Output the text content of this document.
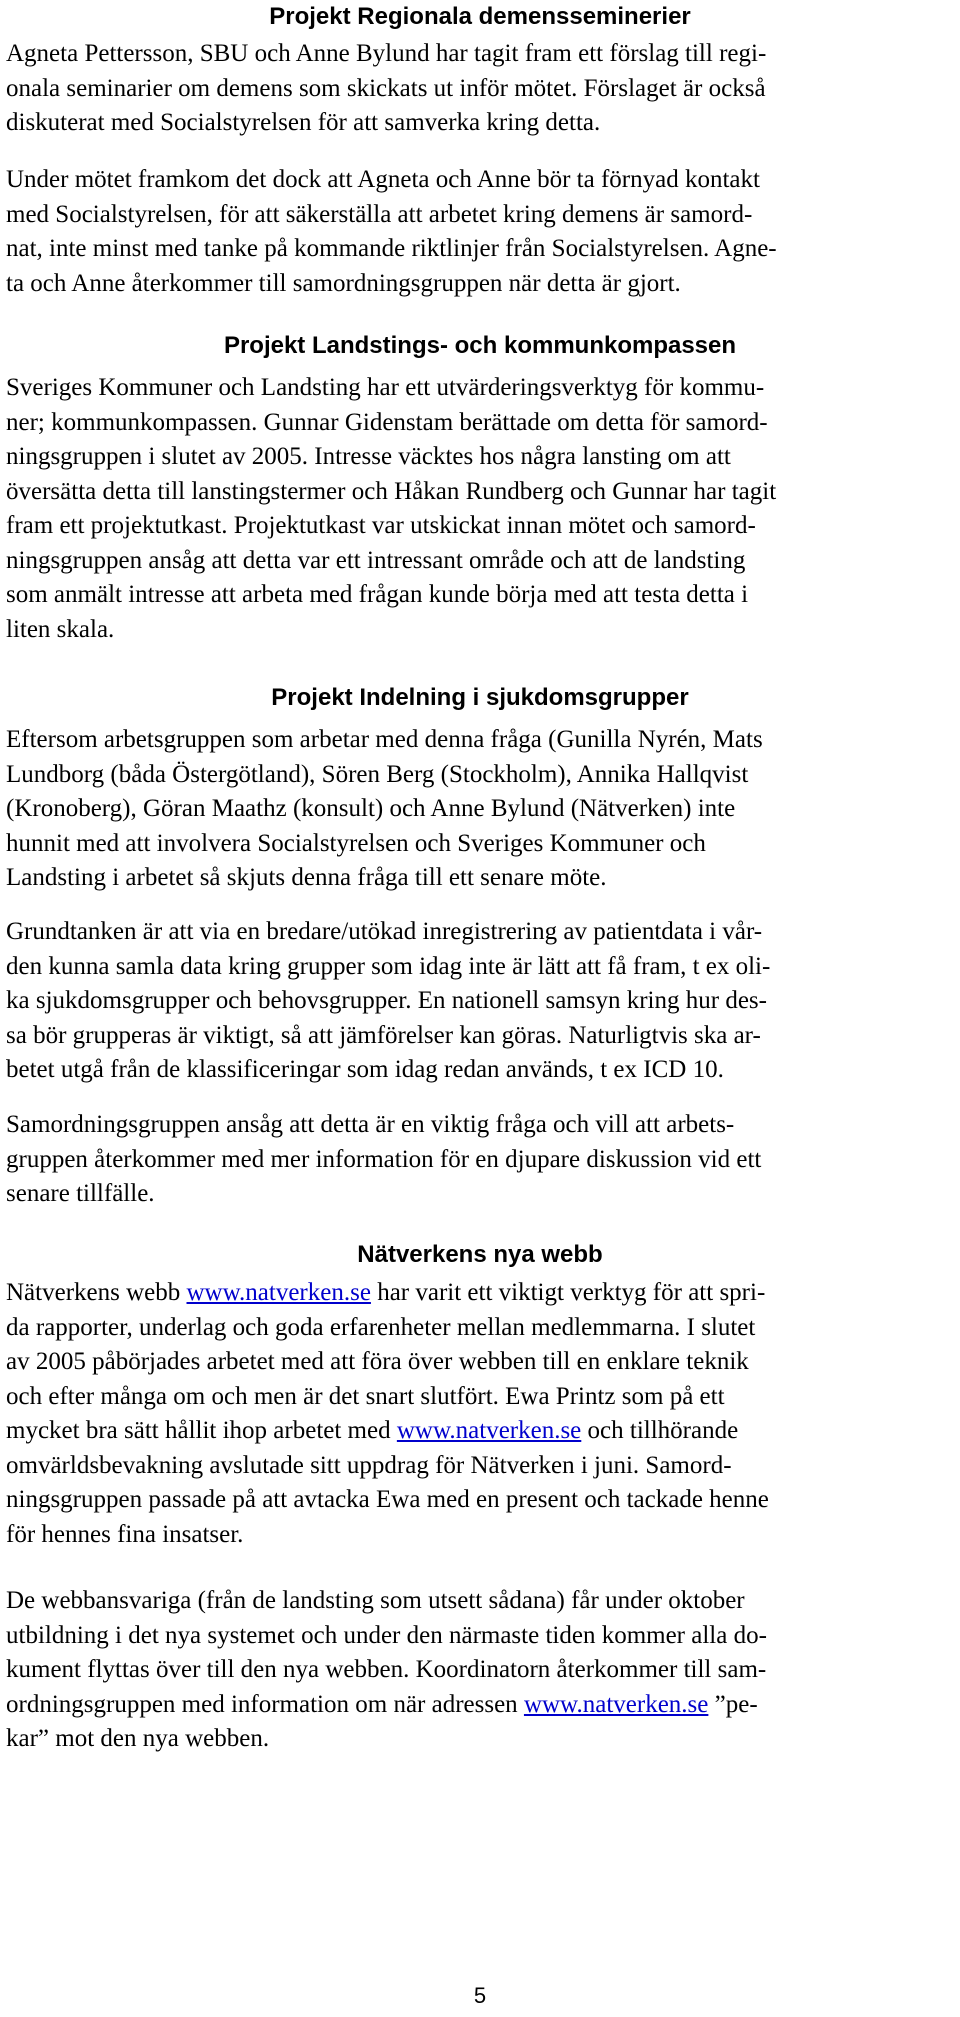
Projekt Regionala demensseminerier

Agneta Pettersson, SBU och Anne Bylund har tagit fram ett förslag till regi-
onala seminarier om demens som skickats ut inför mötet. Förslaget är också
diskuterat med Socialstyrelsen för att samverka kring detta.

Under mötet framkom det dock att Agneta och Anne bör ta förnyad kontakt
med Socialstyrelsen, för att säkerställa att arbetet kring demens är samord-
nat, inte minst med tanke på kommande riktlinjer från Socialstyrelsen. Agne-
ta och Anne återkommer till samordningsgruppen när detta är gjort.

Projekt Landstings- och kommunkompassen

Sveriges Kommuner och Landsting har ett utvärderingsverktyg för kommu-
ner; kommunkompassen. Gunnar Gidenstam berättade om detta för samord-
ningsgruppen i slutet av 2005. Intresse väcktes hos några lansting om att
översätta detta till lanstingstermer och Håkan Rundberg och Gunnar har tagit
fram ett projektutkast. Projektutkast var utskickat innan mötet och samord-
ningsgruppen ansåg att detta var ett intressant område och att de landsting
som anmält intresse att arbeta med frågan kunde börja med att testa detta i
liten skala.

Projekt Indelning i sjukdomsgrupper

Eftersom arbetsgruppen som arbetar med denna fråga (Gunilla Nyrén, Mats
Lundborg (båda Östergötland), Sören Berg (Stockholm), Annika Hallqvist
(Kronoberg), Göran Maathz (konsult) och Anne Bylund (Nätverken) inte
hunnit med att involvera Socialstyrelsen och Sveriges Kommuner och
Landsting i arbetet så skjuts denna fråga till ett senare möte.

Grundtanken är att via en bredare/utökad inregistrering av patientdata i vår-
den kunna samla data kring grupper som idag inte är lätt att få fram, t ex oli-
ka sjukdomsgrupper och behovsgrupper. En nationell samsyn kring hur des-
sa bör grupperas är viktigt, så att jämförelser kan göras. Naturligtvis ska ar-
betet utgå från de klassificeringar som idag redan används, t ex ICD 10.

Samordningsgruppen ansåg att detta är en viktig fråga och vill att arbets-
gruppen återkommer med mer information för en djupare diskussion vid ett
senare tillfälle.

Nätverkens nya webb

Nätverkens webb www.natverken.se har varit ett viktigt verktyg för att spri-
da rapporter, underlag och goda erfarenheter mellan medlemmarna. I slutet
av 2005 påbörjades arbetet med att föra över webben till en enklare teknik
och efter många om och men är det snart slutfört. Ewa Printz som på ett
mycket bra sätt hållit ihop arbetet med www.natverken.se och tillhörande
omvärldsbevakning avslutade sitt uppdrag för Nätverken i juni. Samord-
ningsgruppen passade på att avtacka Ewa med en present och tackade henne
för hennes fina insatser.

De webbansvariga (från de landsting som utsett sådana) får under oktober
utbildning i det nya systemet och under den närmaste tiden kommer alla do-
kument flyttas över till den nya webben. Koordinatorn återkommer till sam-
ordningsgruppen med information om när adressen www.natverken.se ”pe-
kar” mot den nya webben.

5
